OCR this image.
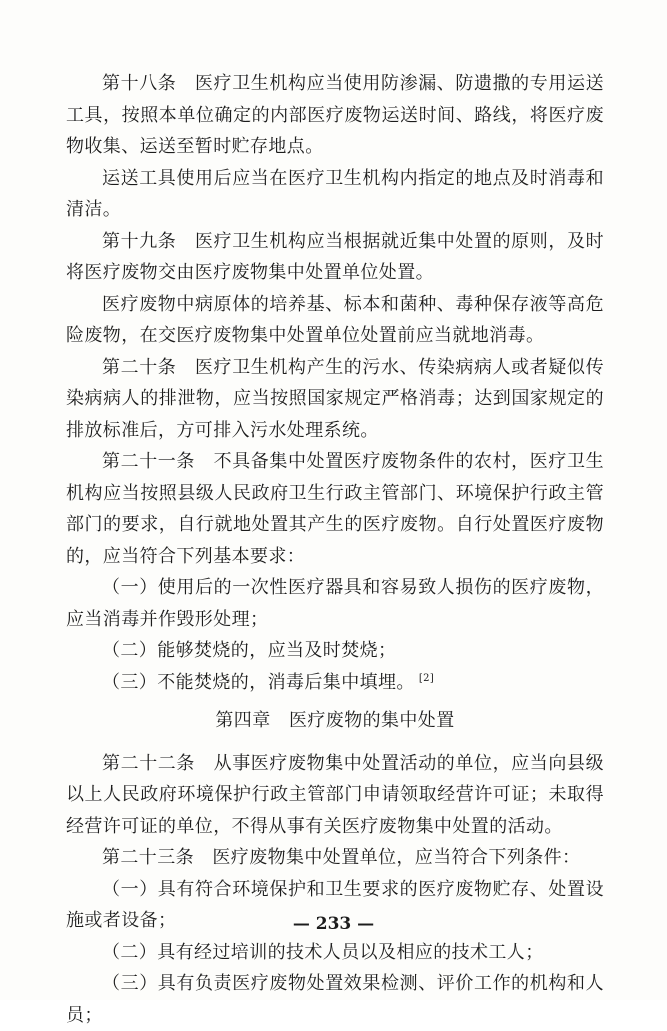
第十八条　医疗卫生机构应当使用防渗漏、防遗撒的专用运送工具，按照本单位确定的内部医疗废物运送时间、路线，将医疗废物收集、运送至暂时贮存地点。

运送工具使用后应当在医疗卫生机构内指定的地点及时消毒和清洁。

第十九条　医疗卫生机构应当根据就近集中处置的原则，及时将医疗废物交由医疗废物集中处置单位处置。

医疗废物中病原体的培养基、标本和菌种、毒种保存液等高危险废物，在交医疗废物集中处置单位处置前应当就地消毒。

第二十条　医疗卫生机构产生的污水、传染病病人或者疑似传染病病人的排泄物，应当按照国家规定严格消毒；达到国家规定的排放标准后，方可排入污水处理系统。

第二十一条　不具备集中处置医疗废物条件的农村，医疗卫生机构应当按照县级人民政府卫生行政主管部门、环境保护行政主管部门的要求，自行就地处置其产生的医疗废物。自行处置医疗废物的，应当符合下列基本要求：

（一）使用后的一次性医疗器具和容易致人损伤的医疗废物，应当消毒并作毁形处理；

（二）能够焚烧的，应当及时焚烧；

（三）不能焚烧的，消毒后集中填埋。 [2]

第四章　医疗废物的集中处置

第二十二条　从事医疗废物集中处置活动的单位，应当向县级以上人民政府环境保护行政主管部门申请领取经营许可证；未取得经营许可证的单位，不得从事有关医疗废物集中处置的活动。

第二十三条　医疗废物集中处置单位，应当符合下列条件：

（一）具有符合环境保护和卫生要求的医疗废物贮存、处置设施或者设备；

（二）具有经过培训的技术人员以及相应的技术工人；

（三）具有负责医疗废物处置效果检测、评价工作的机构和人员；

— 233 —
